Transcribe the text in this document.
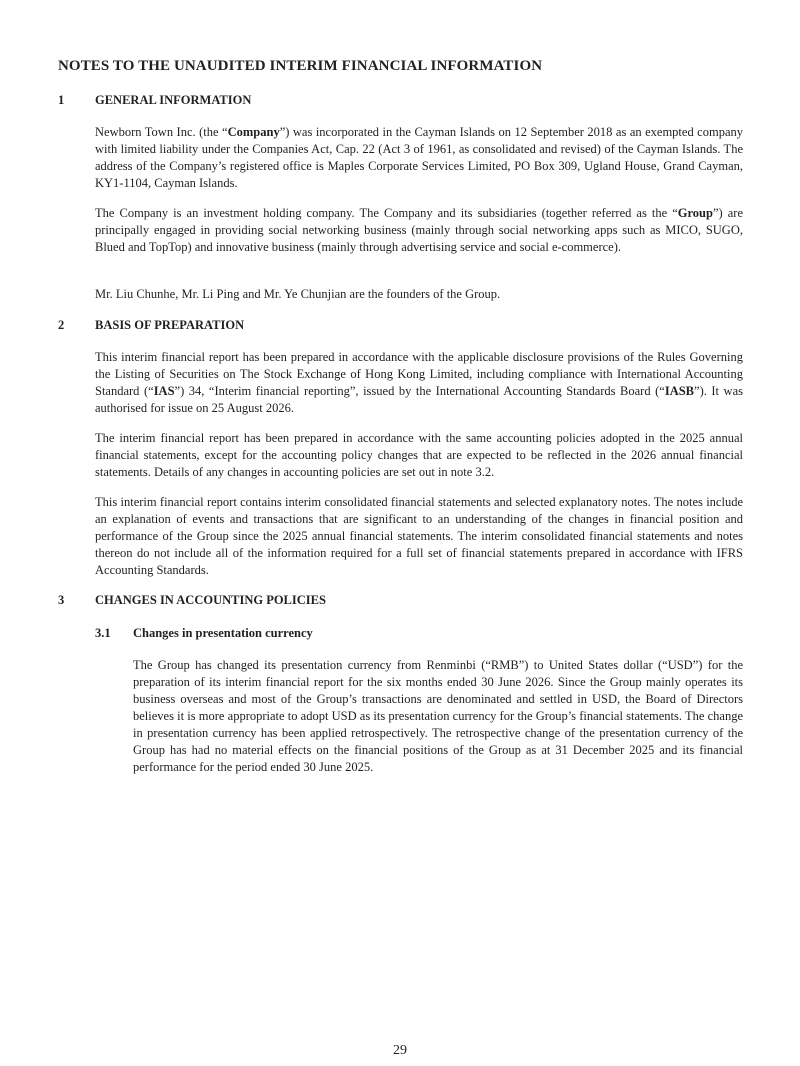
NOTES TO THE UNAUDITED INTERIM FINANCIAL INFORMATION
1 GENERAL INFORMATION

Newborn Town Inc. (the “Company”) was incorporated in the Cayman Islands on 12 September 2018 as an exempted company with limited liability under the Companies Act, Cap. 22 (Act 3 of 1961, as consolidated and revised) of the Cayman Islands. The address of the Company’s registered office is Maples Corporate Services Limited, PO Box 309, Ugland House, Grand Cayman, KY1-1104, Cayman Islands.

The Company is an investment holding company. The Company and its subsidiaries (together referred as the “Group”) are principally engaged in providing social networking business (mainly through social networking apps such as MICO, SUGO, Blued and TopTop) and innovative business (mainly through advertising service and social e-commerce).

Mr. Liu Chunhe, Mr. Li Ping and Mr. Ye Chunjian are the founders of the Group.

2 BASIS OF PREPARATION

This interim financial report has been prepared in accordance with the applicable disclosure provisions of the Rules Governing the Listing of Securities on The Stock Exchange of Hong Kong Limited, including compliance with International Accounting Standard (“IAS”) 34, “Interim financial reporting”, issued by the International Accounting Standards Board (“IASB”). It was authorised for issue on 25 August 2026.

The interim financial report has been prepared in accordance with the same accounting policies adopted in the 2025 annual financial statements, except for the accounting policy changes that are expected to be reflected in the 2026 annual financial statements. Details of any changes in accounting policies are set out in note 3.2.

This interim financial report contains interim consolidated financial statements and selected explanatory notes. The notes include an explanation of events and transactions that are significant to an understanding of the changes in financial position and performance of the Group since the 2025 annual financial statements. The interim consolidated financial statements and notes thereon do not include all of the information required for a full set of financial statements prepared in accordance with IFRS Accounting Standards.

3 CHANGES IN ACCOUNTING POLICIES
3.1 Changes in presentation currency

The Group has changed its presentation currency from Renminbi (“RMB”) to United States dollar (“USD”) for the preparation of its interim financial report for the six months ended 30 June 2026. Since the Group mainly operates its business overseas and most of the Group’s transactions are denominated and settled in USD, the Board of Directors believes it is more appropriate to adopt USD as its presentation currency for the Group’s financial statements. The change in presentation currency has been applied retrospectively. The retrospective change of the presentation currency of the Group has had no material effects on the financial positions of the Group as at 31 December 2025 and its financial performance for the period ended 30 June 2025.

29
